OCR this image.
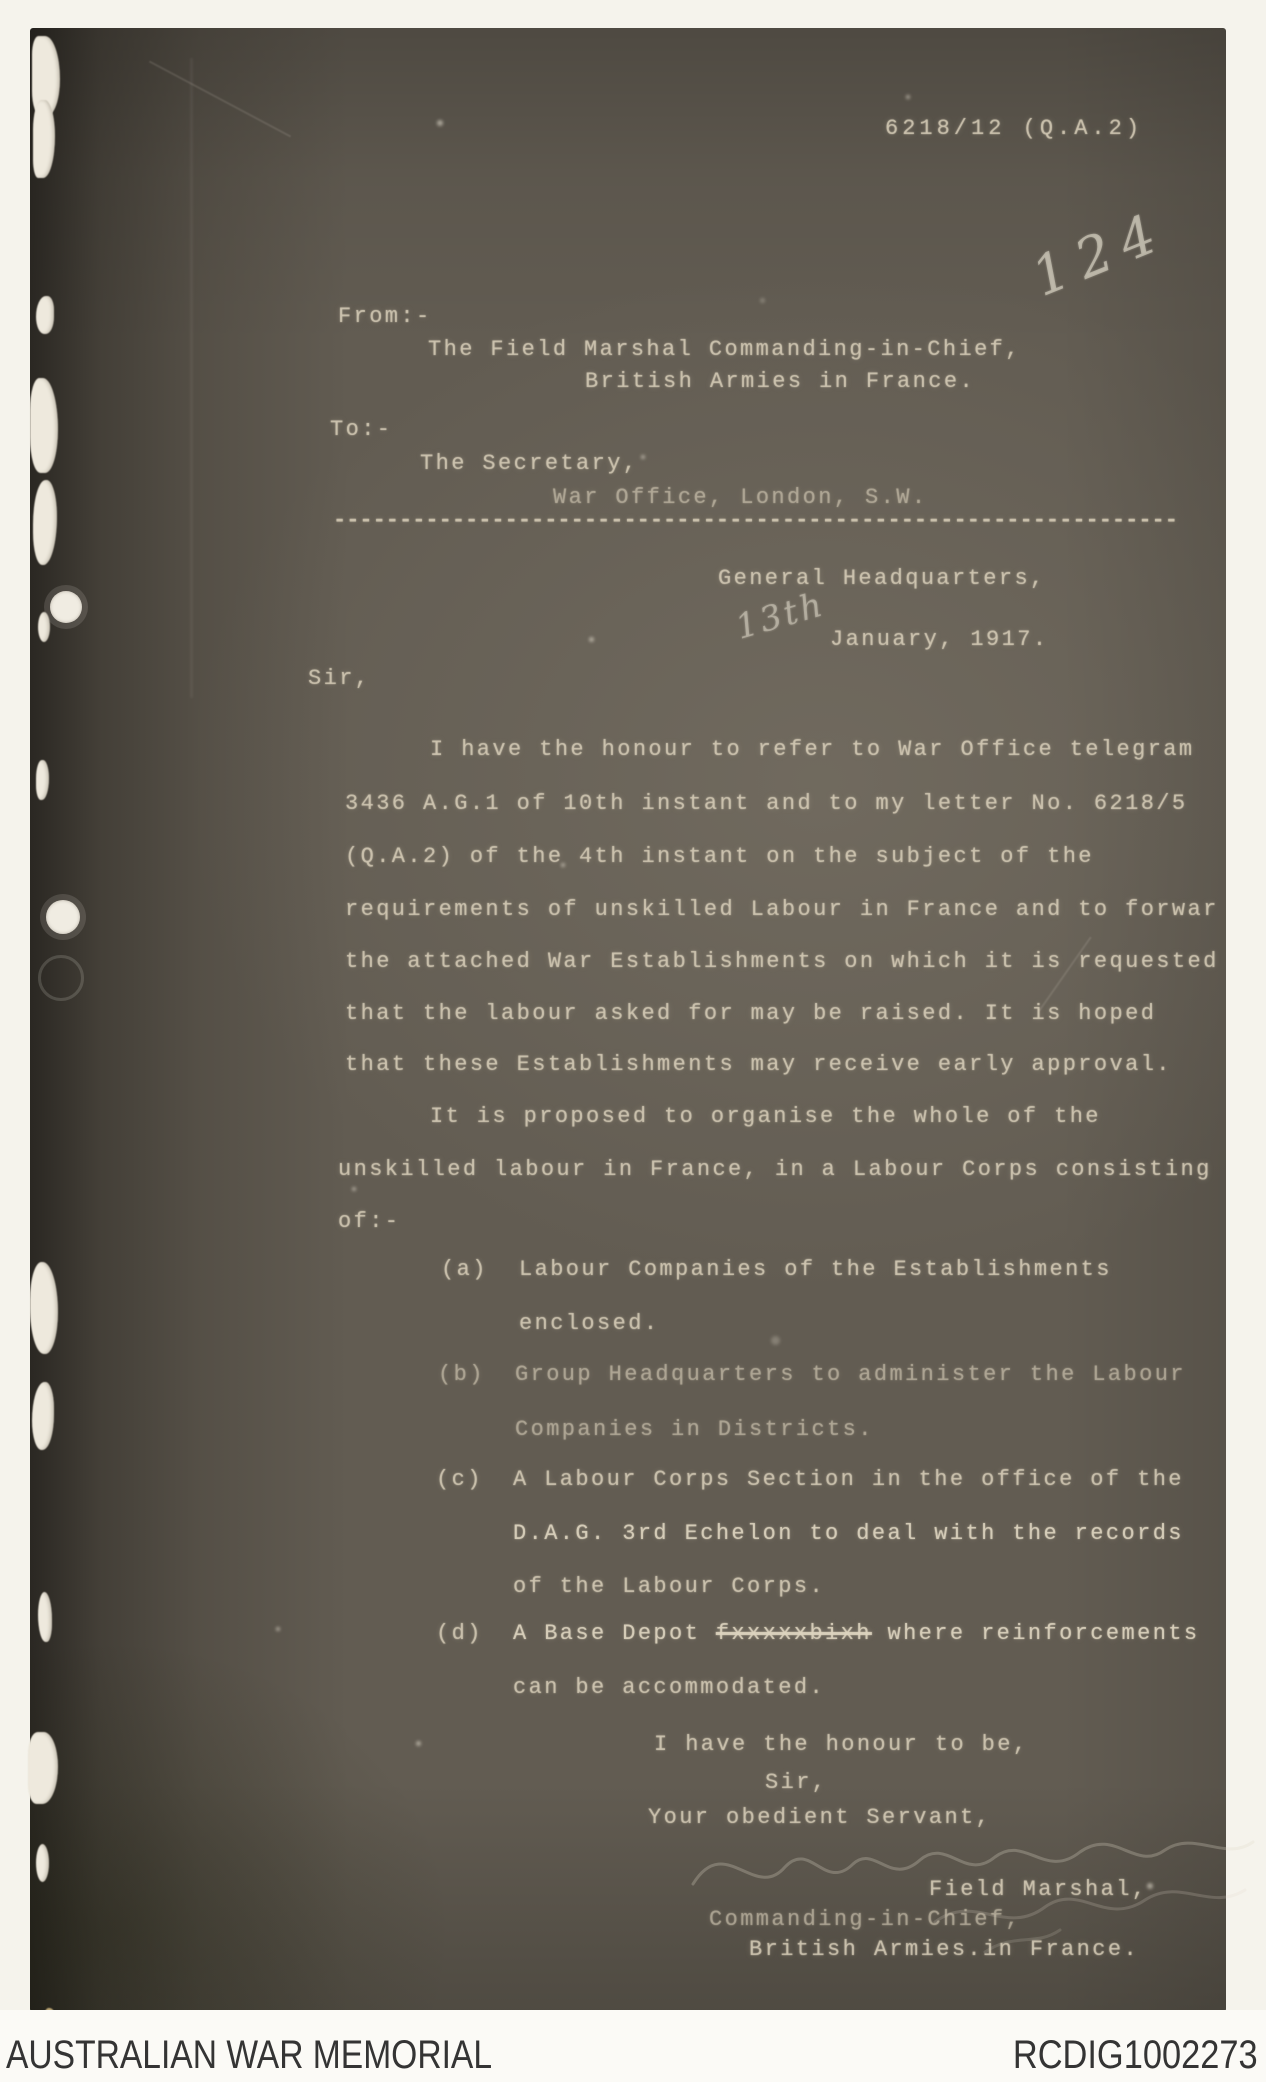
6218/12 (Q.A.2)
124
From:-
The Field Marshal Commanding-in-Chief,
British Armies in France.
To:-
The Secretary,
War Office, London, S.W.
----------------------------------------------------------------
General Headquarters,
13th January, 1917.
Sir,
I have the honour to refer to War Office telegram
3436 A.G.1 of 10th instant and to my letter No. 6218/5
(Q.A.2) of the 4th instant on the subject of the
requirements of unskilled Labour in France and to forwar
the attached War Establishments on which it is requested
that the labour asked for may be raised. It is hoped
that these Establishments may receive early approval.
It is proposed to organise the whole of the
unskilled labour in France, in a Labour Corps consisting
of:-
(a) Labour Companies of the Establishments
enclosed.
(b) Group Headquarters to administer the Labour
Companies in Districts.
(c) A Labour Corps Section in the office of the
D.A.G. 3rd Echelon to deal with the records
of the Labour Corps.
(d) A Base Depot fxxxxxbixh where reinforcements
can be accommodated.
I have the honour to be,
Sir,
Your obedient Servant,
Field Marshal,
Commanding-in-Chief,
British Armies.in France.
AUSTRALIAN WAR MEMORIAL	RCDIG1002273
